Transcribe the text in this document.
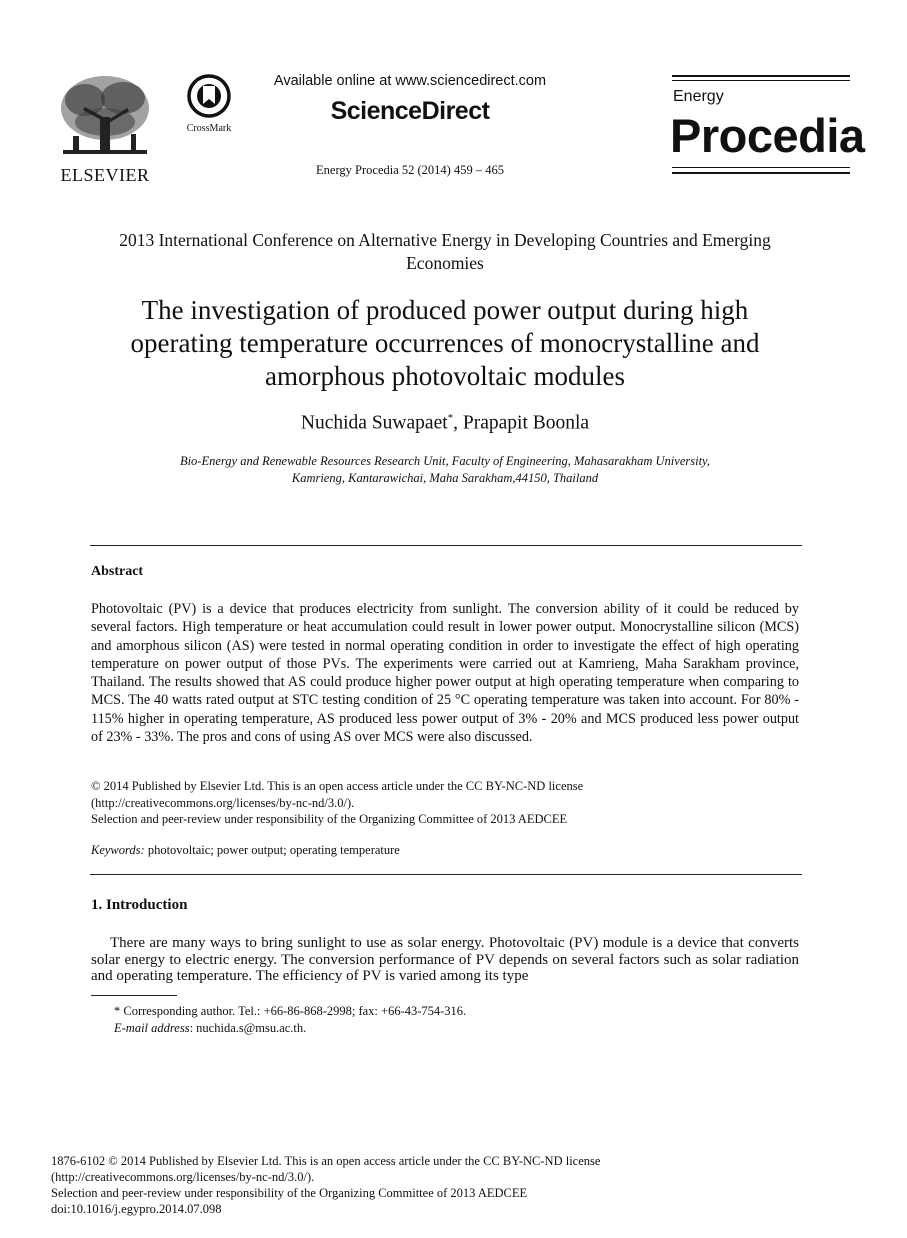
ELSEVIER
CrossMark
Available online at www.sciencedirect.com
ScienceDirect
Energy Procedia 52 (2014) 459 – 465
Energy
Procedia
2013 International Conference on Alternative Energy in Developing Countries and Emerging Economies
The investigation of produced power output during high operating temperature occurrences of monocrystalline and amorphous photovoltaic modules
Nuchida Suwapaet*, Prapapit Boonla
Bio-Energy and Renewable Resources Research Unit, Faculty of Engineering, Mahasarakham University,
Kamrieng, Kantarawichai, Maha Sarakham,44150, Thailand
Abstract
Photovoltaic (PV) is a device that produces electricity from sunlight. The conversion ability of it could be reduced by several factors. High temperature or heat accumulation could result in lower power output. Monocrystalline silicon (MCS) and amorphous silicon (AS) were tested in normal operating condition in order to investigate the effect of high operating temperature on power output of those PVs. The experiments were carried out at Kamrieng, Maha Sarakham province, Thailand. The results showed that AS could produce higher power output at high operating temperature when comparing to MCS. The 40 watts rated output at STC testing condition of 25 °C operating temperature was taken into account. For 80% - 115% higher in operating temperature, AS produced less power output of 3% - 20% and MCS produced less power output of 23% - 33%. The pros and cons of using AS over MCS were also discussed.
© 2014 Published by Elsevier Ltd. This is an open access article under the CC BY-NC-ND license
(http://creativecommons.org/licenses/by-nc-nd/3.0/).
Selection and peer-review under responsibility of the Organizing Committee of 2013 AEDCEE
Keywords: photovoltaic; power output; operating temperature
1. Introduction
There are many ways to bring sunlight to use as solar energy. Photovoltaic (PV) module is a device that converts solar energy to electric energy. The conversion performance of PV depends on several factors such as solar radiation and operating temperature. The efficiency of PV is varied among its type
* Corresponding author. Tel.: +66-86-868-2998; fax: +66-43-754-316.
E-mail address: nuchida.s@msu.ac.th.
1876-6102 © 2014 Published by Elsevier Ltd. This is an open access article under the CC BY-NC-ND license
(http://creativecommons.org/licenses/by-nc-nd/3.0/).
Selection and peer-review under responsibility of the Organizing Committee of 2013 AEDCEE
doi:10.1016/j.egypro.2014.07.098
